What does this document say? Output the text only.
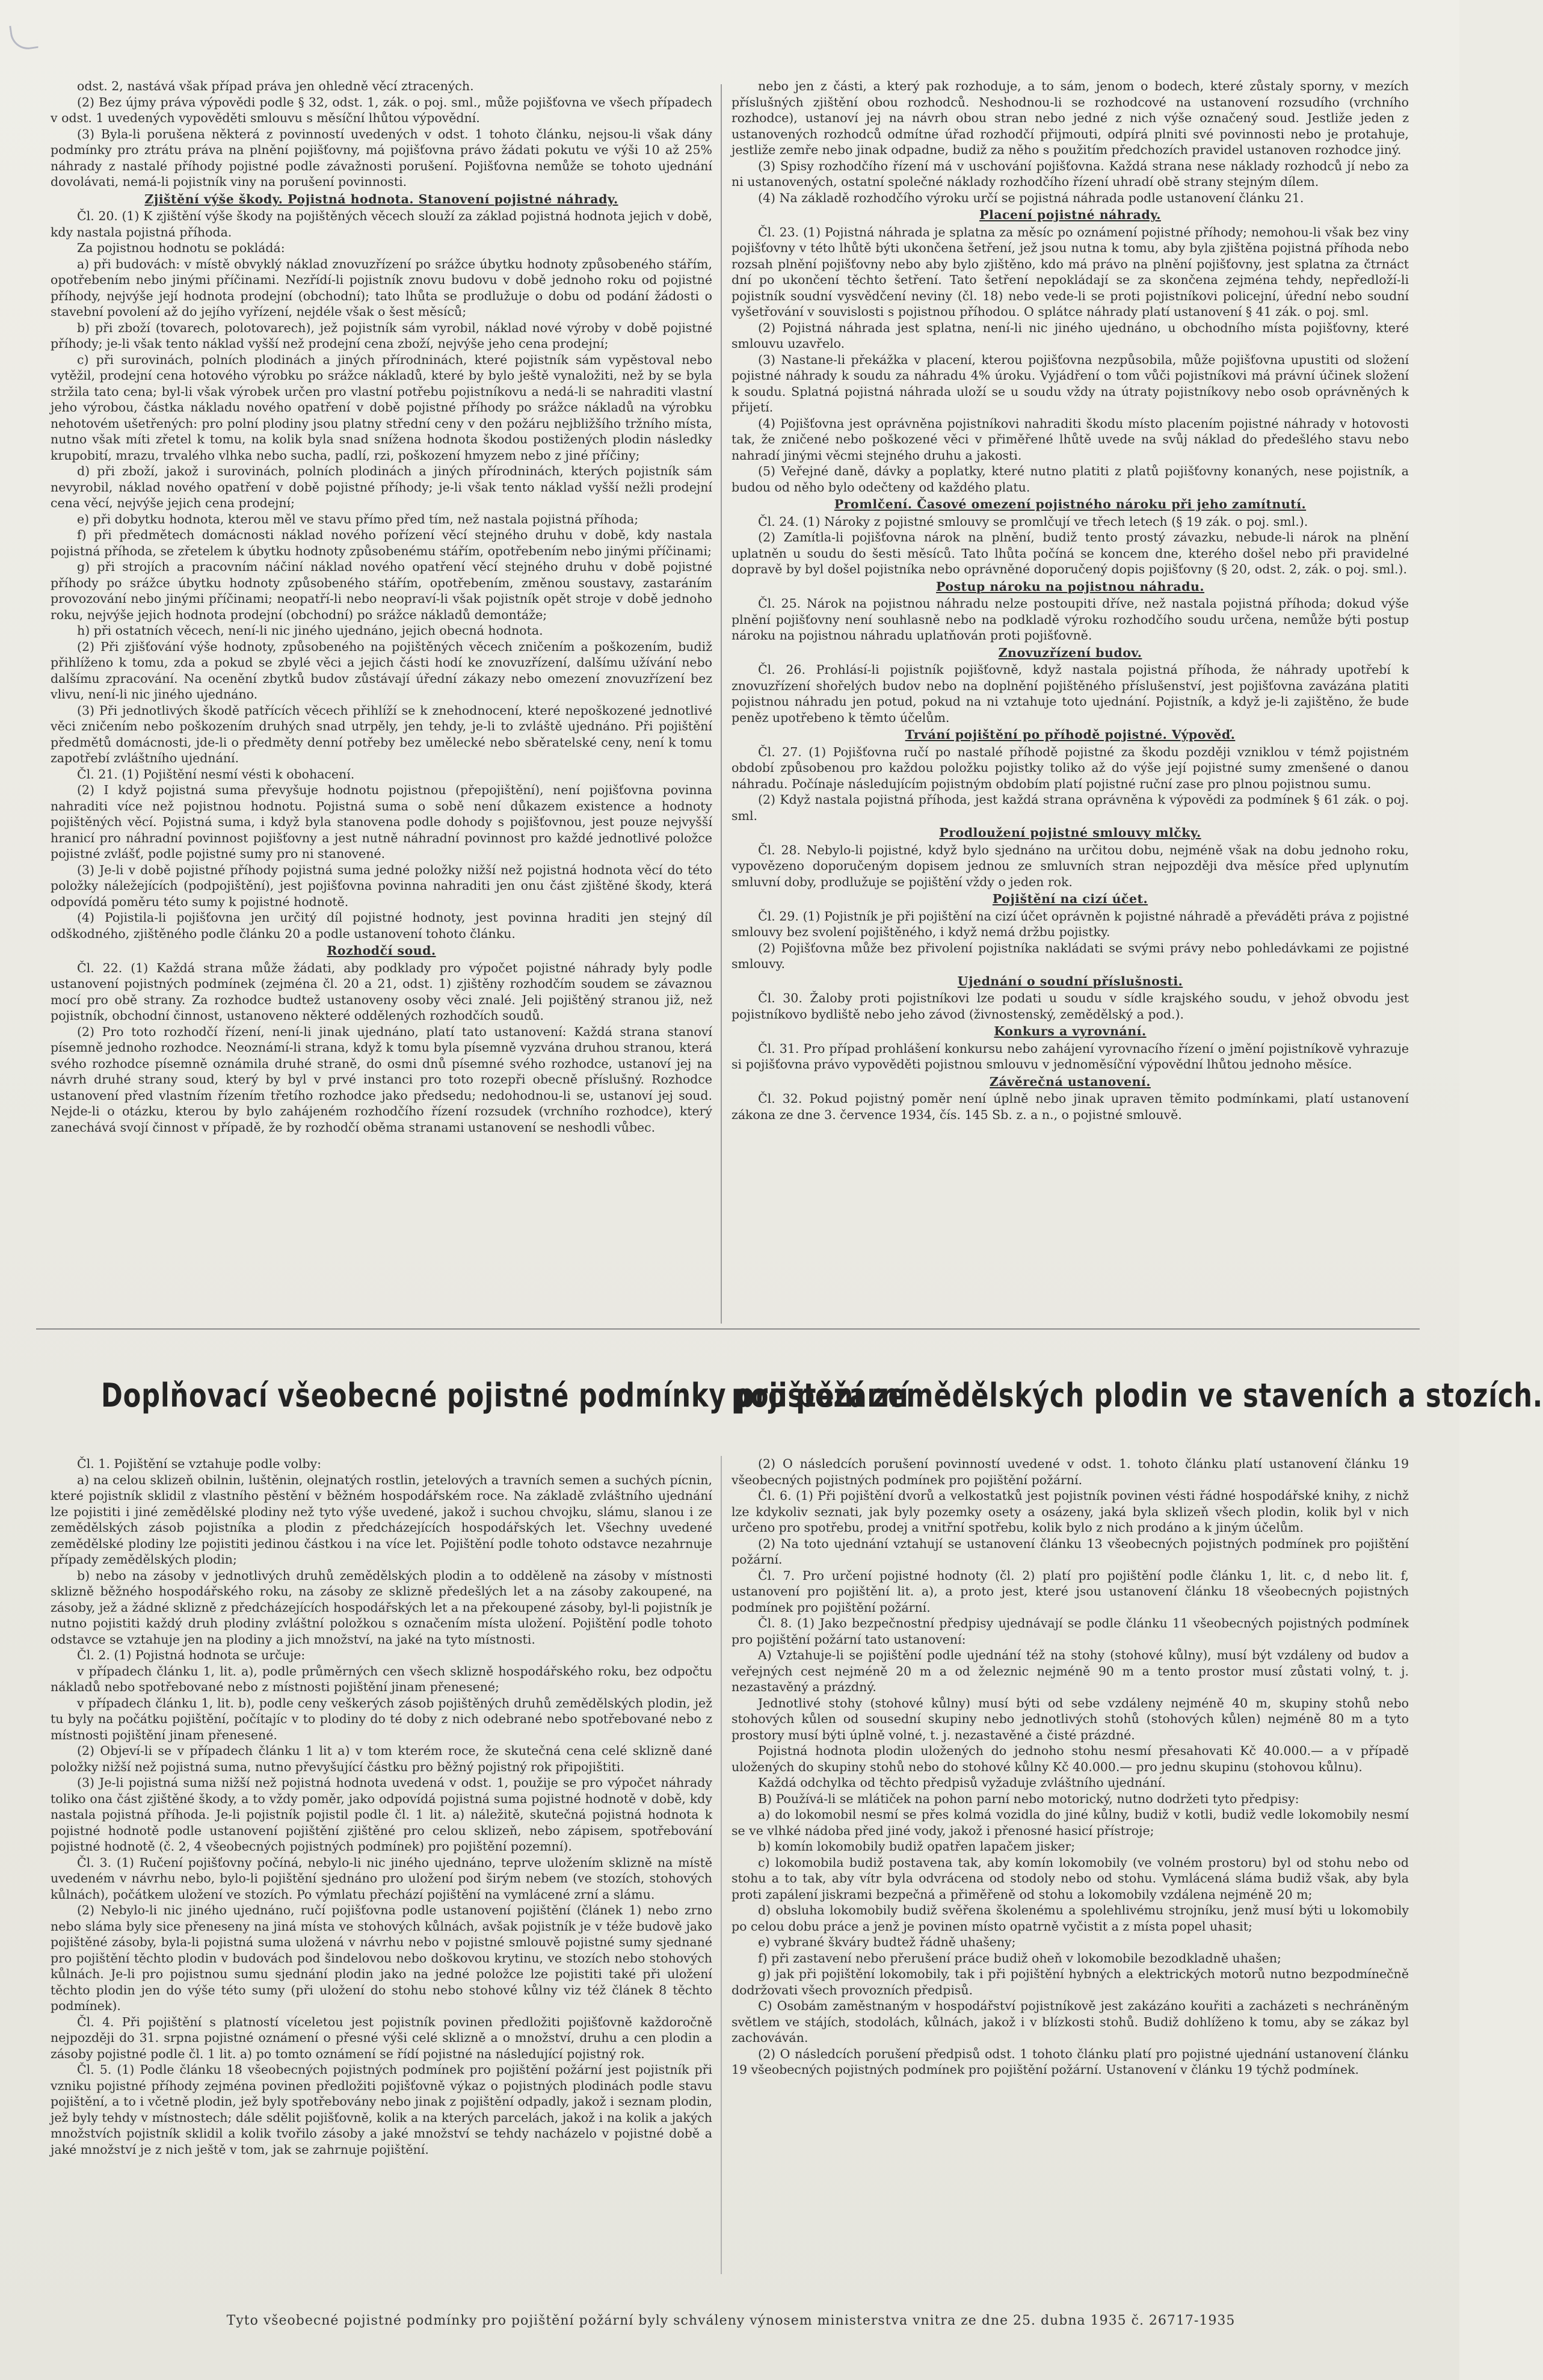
odst. 2, nastává však případ práva jen ohledně věcí ztracených.

(2) Bez újmy práva výpovědi podle § 32, odst. 1, zák. o poj. sml., může pojišťovna ve všech případech v odst. 1 uvedených vypověděti smlouvu s měsíční lhůtou výpovědní.

(3) Byla-li porušena některá z povinností uvedených v odst. 1 tohoto článku, nejsou-li však dány podmínky pro ztrátu práva na plnění pojišťovny, má pojišťovna právo žádati pokutu ve výši 10 až 25% náhrady z nastalé příhody pojistné podle závažnosti porušení. Pojišťovna nemůže se tohoto ujednání dovolávati, nemá-li pojistník viny na porušení povinnosti.

Zjištění výše škody. Pojistná hodnota. Stanovení pojistné náhrady.

Čl. 20. (1) K zjištění výše škody na pojištěných věcech slouží za základ pojistná hodnota jejich v době, kdy nastala pojistná příhoda.

Za pojistnou hodnotu se pokládá:

a) při budovách: v místě obvyklý náklad znovuzřízení po srážce úbytku hodnoty způsobeného stářím, opotřebením nebo jinými příčinami. Nezřídí-li pojistník znovu budovu v době jednoho roku od pojistné příhody, nejvýše její hodnota prodejní (obchodní); tato lhůta se prodlužuje o dobu od podání žádosti o stavební povolení až do jejího vyřízení, nejdéle však o šest měsíců;

b) při zboží (tovarech, polotovarech), jež pojistník sám vyrobil, náklad nové výroby v době pojistné příhody; je-li však tento náklad vyšší než prodejní cena zboží, nejvýše jeho cena prodejní;

c) při surovinách, polních plodinách a jiných přírodninách, které pojistník sám vypěstoval nebo vytěžil, prodejní cena hotového výrobku po srážce nákladů, které by bylo ještě vynaložiti, než by se byla stržila tato cena; byl-li však výrobek určen pro vlastní potřebu pojistníkovu a nedá-li se nahraditi vlastní jeho výrobou, částka nákladu nového opatření v době pojistné příhody po srážce nákladů na výrobku nehotovém ušetřených: pro polní plodiny jsou platny střední ceny v den požáru nejbližšího tržního místa, nutno však míti zřetel k tomu, na kolik byla snad snížena hodnota škodou postižených plodin následky krupobití, mrazu, trvalého vlhka nebo sucha, padlí, rzi, poškození hmyzem nebo z jiné příčiny;

d) při zboží, jakož i surovinách, polních plodinách a jiných přírodninách, kterých pojistník sám nevyrobil, náklad nového opatření v době pojistné příhody; je-li však tento náklad vyšší nežli prodejní cena věcí, nejvýše jejich cena prodejní;

e) při dobytku hodnota, kterou měl ve stavu přímo před tím, než nastala pojistná příhoda;

f) při předmětech domácnosti náklad nového pořízení věcí stejného druhu v době, kdy nastala pojistná příhoda, se zřetelem k úbytku hodnoty způsobenému stářím, opotřebením nebo jinými příčinami;

g) při strojích a pracovním náčiní náklad nového opatření věcí stejného druhu v době pojistné příhody po srážce úbytku hodnoty způsobeného stářím, opotřebením, změnou soustavy, zastaráním provozování nebo jinými příčinami; neopatří-li nebo neopraví-li však pojistník opět stroje v době jednoho roku, nejvýše jejich hodnota prodejní (obchodní) po srážce nákladů demontáže;

h) při ostatních věcech, není-li nic jiného ujednáno, jejich obecná hodnota.

(2) Při zjišťování výše hodnoty, způsobeného na pojištěných věcech zničením a poškozením, budiž přihlíženo k tomu, zda a pokud se zbylé věci a jejich části hodí ke znovuzřízení, dalšímu užívání nebo dalšímu zpracování. Na ocenění zbytků budov zůstávají úřední zákazy nebo omezení znovuzřízení bez vlivu, není-li nic jiného ujednáno.

(3) Při jednotlivých škodě patřících věcech přihlíží se k znehodnocení, které nepoškozené jednotlivé věci zničením nebo poškozením druhých snad utrpěly, jen tehdy, je-li to zvláště ujednáno. Při pojištění předmětů domácnosti, jde-li o předměty denní potřeby bez umělecké nebo sběratelské ceny, není k tomu zapotřebí zvláštního ujednání.

Čl. 21. (1) Pojištění nesmí vésti k obohacení.

(2) I když pojistná suma převyšuje hodnotu pojistnou (přepojištění), není pojišťovna povinna nahraditi více než pojistnou hodnotu. Pojistná suma o sobě není důkazem existence a hodnoty pojištěných věcí. Pojistná suma, i když byla stanovena podle dohody s pojišťovnou, jest pouze nejvyšší hranicí pro náhradní povinnost pojišťovny a jest nutně náhradní povinnost pro každé jednotlivé položce pojistné zvlášť, podle pojistné sumy pro ni stanovené.

(3) Je-li v době pojistné příhody pojistná suma jedné položky nižší než pojistná hodnota věcí do této položky náležejících (podpojištění), jest pojišťovna povinna nahraditi jen onu část zjištěné škody, která odpovídá poměru této sumy k pojistné hodnotě.

(4) Pojistila-li pojišťovna jen určitý díl pojistné hodnoty, jest povinna hraditi jen stejný díl odškodného, zjištěného podle článku 20 a podle ustanovení tohoto článku.

Rozhodčí soud.

Čl. 22. (1) Každá strana může žádati, aby podklady pro výpočet pojistné náhrady byly podle ustanovení pojistných podmínek (zejména čl. 20 a 21, odst. 1) zjištěny rozhodčím soudem se závaznou mocí pro obě strany. Za rozhodce budtež ustanoveny osoby věci znalé. Jeli pojištěný stranou již, než pojistník, obchodní činnost, ustanoveno některé oddělených rozhodčích soudů.

(2) Pro toto rozhodčí řízení, není-li jinak ujednáno, platí tato ustanovení: Každá strana stanoví písemně jednoho rozhodce. Neoznámí-li strana, když k tomu byla písemně vyzvána druhou stranou, která svého rozhodce písemně oznámila druhé straně, do osmi dnů písemné svého rozhodce, ustanoví jej na návrh druhé strany soud, který by byl v prvé instanci pro toto rozepři obecně příslušný. Rozhodce ustanovení před vlastním řízením třetího rozhodce jako předsedu; nedohodnou-li se, ustanoví jej soud. Nejde-li o otázku, kterou by bylo zahájeném rozhodčího řízení rozsudek (vrchního rozhodce), který zanechává svojí činnost v případě, že by rozhodčí oběma stranami ustanovení se neshodli vůbec.

nebo jen z části, a který pak rozhoduje, a to sám, jenom o bodech, které zůstaly sporny, v mezích příslušných zjištění obou rozhodců. Neshodnou-li se rozhodcové na ustanovení rozsudího (vrchního rozhodce), ustanoví jej na návrh obou stran nebo jedné z nich výše označený soud. Jestliže jeden z ustanovených rozhodců odmítne úřad rozhodčí přijmouti, odpírá plniti své povinnosti nebo je protahuje, jestliže zemře nebo jinak odpadne, budiž za něho s použitím předchozích pravidel ustanoven rozhodce jiný.

(3) Spisy rozhodčího řízení má v uschování pojišťovna. Každá strana nese náklady rozhodců jí nebo za ni ustanovených, ostatní společné náklady rozhodčího řízení uhradí obě strany stejným dílem.

(4) Na základě rozhodčího výroku určí se pojistná náhrada podle ustanovení článku 21.

Placení pojistné náhrady.

Čl. 23. (1) Pojistná náhrada je splatna za měsíc po oznámení pojistné příhody; nemohou-li však bez viny pojišťovny v této lhůtě býti ukončena šetření, jež jsou nutna k tomu, aby byla zjištěna pojistná příhoda nebo rozsah plnění pojišťovny nebo aby bylo zjištěno, kdo má právo na plnění pojišťovny, jest splatna za čtrnáct dní po ukončení těchto šetření. Tato šetření nepokládají se za skončena zejména tehdy, nepředloží-li pojistník soudní vysvědčení neviny (čl. 18) nebo vede-li se proti pojistníkovi policejní, úřední nebo soudní vyšetřování v souvislosti s pojistnou příhodou. O splátce náhrady platí ustanovení § 41 zák. o poj. sml.

(2) Pojistná náhrada jest splatna, není-li nic jiného ujednáno, u obchodního místa pojišťovny, které smlouvu uzavřelo.

(3) Nastane-li překážka v placení, kterou pojišťovna nezpůsobila, může pojišťovna upustiti od složení pojistné náhrady k soudu za náhradu 4% úroku. Vyjádření o tom vůči pojistníkovi má právní účinek složení k soudu. Splatná pojistná náhrada uloží se u soudu vždy na útraty pojistníkovy nebo osob oprávněných k přijetí.

(4) Pojišťovna jest oprávněna pojistníkovi nahraditi škodu místo placením pojistné náhrady v hotovosti tak, že zničené nebo poškozené věci v přiměřené lhůtě uvede na svůj náklad do předešlého stavu nebo nahradí jinými věcmi stejného druhu a jakosti.

(5) Veřejné daně, dávky a poplatky, které nutno platiti z platů pojišťovny konaných, nese pojistník, a budou od něho bylo odečteny od každého platu.

Promlčení. Časové omezení pojistného nároku při jeho zamítnutí.

Čl. 24. (1) Nároky z pojistné smlouvy se promlčují ve třech letech (§ 19 zák. o poj. sml.).

(2) Zamítla-li pojišťovna nárok na plnění, budiž tento prostý závazku, nebude-li nárok na plnění uplatněn u soudu do šesti měsíců. Tato lhůta počíná se koncem dne, kterého došel nebo při pravidelné dopravě by byl došel pojistníka nebo oprávněné doporučený dopis pojišťovny (§ 20, odst. 2, zák. o poj. sml.).

Postup nároku na pojistnou náhradu.

Čl. 25. Nárok na pojistnou náhradu nelze postoupiti dříve, než nastala pojistná příhoda; dokud výše plnění pojišťovny není souhlasně nebo na podkladě výroku rozhodčího soudu určena, nemůže býti postup nároku na pojistnou náhradu uplatňován proti pojišťovně.

Znovuzřízení budov.

Čl. 26. Prohlásí-li pojistník pojišťovně, když nastala pojistná příhoda, že náhrady upotřebí k znovuzřízení shořelých budov nebo na doplnění pojištěného příslušenství, jest pojišťovna zavázána platiti pojistnou náhradu jen potud, pokud na ni vztahuje toto ujednání. Pojistník, a když je-li zajištěno, že bude peněz upotřebeno k těmto účelům.

Trvání pojištění po příhodě pojistné. Výpověď.

Čl. 27. (1) Pojišťovna ručí po nastalé příhodě pojistné za škodu později vzniklou v témž pojistném období způsobenou pro každou položku pojistky toliko až do výše její pojistné sumy zmenšené o danou náhradu. Počínaje následujícím pojistným obdobím platí pojistné ruční zase pro plnou pojistnou sumu.

(2) Když nastala pojistná příhoda, jest každá strana oprávněna k výpovědi za podmínek § 61 zák. o poj. sml.

Prodloužení pojistné smlouvy mlčky.

Čl. 28. Nebylo-li pojistné, když bylo sjednáno na určitou dobu, nejméně však na dobu jednoho roku, vypovězeno doporučeným dopisem jednou ze smluvních stran nejpozději dva měsíce před uplynutím smluvní doby, prodlužuje se pojištění vždy o jeden rok.

Pojištění na cizí účet.

Čl. 29. (1) Pojistník je při pojištění na cizí účet oprávněn k pojistné náhradě a převáděti práva z pojistné smlouvy bez svolení pojištěného, i když nemá držbu pojistky.

(2) Pojišťovna může bez přivolení pojistníka nakládati se svými právy nebo pohledávkami ze pojistné smlouvy.

Ujednání o soudní příslušnosti.

Čl. 30. Žaloby proti pojistníkovi lze podati u soudu v sídle krajského soudu, v jehož obvodu jest pojistníkovo bydliště nebo jeho závod (živnostenský, zemědělský a pod.).

Konkurs a vyrovnání.

Čl. 31. Pro případ prohlášení konkursu nebo zahájení vyrovnacího řízení o jmění pojistníkově vyhrazuje si pojišťovna právo vypověděti pojistnou smlouvu v jednoměsíční výpovědní lhůtou jednoho měsíce.

Závěrečná ustanovení.

Čl. 32. Pokud pojistný poměr není úplně nebo jinak upraven těmito podmínkami, platí ustanovení zákona ze dne 3. července 1934, čís. 145 Sb. z. a n., o pojistné smlouvě.

Doplňovací všeobecné pojistné podmínky pro požární
pojištění zemědělských plodin ve staveních a stozích.

Čl. 1. Pojištění se vztahuje podle volby:

a) na celou sklizeň obilnin, luštěnin, olejnatých rostlin, jetelových a travních semen a suchých pícnin, které pojistník sklidil z vlastního pěstění v běžném hospodářském roce. Na základě zvláštního ujednání lze pojistiti i jiné zemědělské plodiny než tyto výše uvedené, jakož i suchou chvojku, slámu, slanou i ze zemědělských zásob pojistníka a plodin z předcházejících hospodářských let. Všechny uvedené zemědělské plodiny lze pojistiti jedinou částkou i na více let. Pojištění podle tohoto odstavce nezahrnuje případy zemědělských plodin;

b) nebo na zásoby v jednotlivých druhů zemědělských plodin a to odděleně na zásoby v místnosti sklizně běžného hospodářského roku, na zásoby ze sklizně předešlých let a na zásoby zakoupené, na zásoby, jež a žádné sklizně z předcházejících hospodářských let a na překoupené zásoby, byl-li pojistník je nutno pojistiti každý druh plodiny zvláštní položkou s označením místa uložení. Pojištění podle tohoto odstavce se vztahuje jen na plodiny a jich množství, na jaké na tyto místnosti.

Čl. 2. (1) Pojistná hodnota se určuje:

v případech článku 1, lit. a), podle průměrných cen všech sklizně hospodářského roku, bez odpočtu nákladů nebo spotřebované nebo z místnosti pojištění jinam přenesené;

v případech článku 1, lit. b), podle ceny veškerých zásob pojištěných druhů zemědělských plodin, jež tu byly na počátku pojištění, počítajíc v to plodiny do té doby z nich odebrané nebo spotřebované nebo z místnosti pojištění jinam přenesené.

(2) Objeví-li se v případech článku 1 lit a) v tom kterém roce, že skutečná cena celé sklizně dané položky nižší než pojistná suma, nutno převyšující částku pro běžný pojistný rok připojištiti.

(3) Je-li pojistná suma nižší než pojistná hodnota uvedená v odst. 1, použije se pro výpočet náhrady toliko ona část zjištěné škody, a to vždy poměr, jako odpovídá pojistná suma pojistné hodnotě v době, kdy nastala pojistná příhoda. Je-li pojistník pojistil podle čl. 1 lit. a) náležitě, skutečná pojistná hodnota k pojistné hodnotě podle ustanovení pojištění zjištěné pro celou sklizeň, nebo zápisem, spotřebování pojistné hodnotě (č. 2, 4 všeobecných pojistných podmínek) pro pojištění pozemní).

Čl. 3. (1) Ručení pojišťovny počíná, nebylo-li nic jiného ujednáno, teprve uložením sklizně na místě uvedeném v návrhu nebo, bylo-li pojištění sjednáno pro uložení pod širým nebem (ve stozích, stohových kůlnách), počátkem uložení ve stozích. Po výmlatu přechází pojištění na vymlácené zrní a slámu.

(2) Nebylo-li nic jiného ujednáno, ručí pojišťovna podle ustanovení pojištění (článek 1) nebo zrno nebo sláma byly sice přeneseny na jiná místa ve stohových kůlnách, avšak pojistník je v téže budově jako pojištěné zásoby, byla-li pojistná suma uložená v návrhu nebo v pojistné smlouvě pojistné sumy sjednané pro pojištění těchto plodin v budovách pod šindelovou nebo doškovou krytinu, ve stozích nebo stohových kůlnách. Je-li pro pojistnou sumu sjednání plodin jako na jedné položce lze pojistiti také při uložení těchto plodin jen do výše této sumy (při uložení do stohu nebo stohové kůlny viz též článek 8 těchto podmínek).

Čl. 4. Při pojištění s platností víceletou jest pojistník povinen předložiti pojišťovně každoročně nejpozději do 31. srpna pojistné oznámení o přesné výši celé sklizně a o množství, druhu a cen plodin a zásoby pojistné podle čl. 1 lit. a) po tomto oznámení se řídí pojistné na následující pojistný rok.

Čl. 5. (1) Podle článku 18 všeobecných pojistných podmínek pro pojištění požární jest pojistník při vzniku pojistné příhody zejména povinen předložiti pojišťovně výkaz o pojistných plodinách podle stavu pojištění, a to i včetně plodin, jež byly spotřebovány nebo jinak z pojištění odpadly, jakož i seznam plodin, jež byly tehdy v místnostech; dále sdělit pojišťovně, kolik a na kterých parcelách, jakož i na kolik a jakých množstvích pojistník sklidil a kolik tvořilo zásoby a jaké množství se tehdy nacházelo v pojistné době a jaké množství je z nich ještě v tom, jak se zahrnuje pojištění.

(2) O následcích porušení povinností uvedené v odst. 1. tohoto článku platí ustanovení článku 19 všeobecných pojistných podmínek pro pojištění požární.

Čl. 6. (1) Při pojištění dvorů a velkostatků jest pojistník povinen vésti řádné hospodářské knihy, z nichž lze kdykoliv seznati, jak byly pozemky osety a osázeny, jaká byla sklizeň všech plodin, kolik byl v nich určeno pro spotřebu, prodej a vnitřní spotřebu, kolik bylo z nich prodáno a k jiným účelům.

(2) Na toto ujednání vztahují se ustanovení článku 13 všeobecných pojistných podmínek pro pojištění požární.

Čl. 7. Pro určení pojistné hodnoty (čl. 2) platí pro pojištění podle článku 1, lit. c, d nebo lit. f, ustanovení pro pojištění lit. a), a proto jest, které jsou ustanovení článku 18 všeobecných pojistných podmínek pro pojištění požární.

Čl. 8. (1) Jako bezpečnostní předpisy ujednávají se podle článku 11 všeobecných pojistných podmínek pro pojištění požární tato ustanovení:

A) Vztahuje-li se pojištění podle ujednání též na stohy (stohové kůlny), musí být vzdáleny od budov a veřejných cest nejméně 20 m a od železnic nejméně 90 m a tento prostor musí zůstati volný, t. j. nezastavěný a prázdný.

Jednotlivé stohy (stohové kůlny) musí býti od sebe vzdáleny nejméně 40 m, skupiny stohů nebo stohových kůlen od sousední skupiny nebo jednotlivých stohů (stohových kůlen) nejméně 80 m a tyto prostory musí býti úplně volné, t. j. nezastavěné a čisté prázdné.

Pojistná hodnota plodin uložených do jednoho stohu nesmí přesahovati Kč 40.000.— a v případě uložených do skupiny stohů nebo do stohové kůlny Kč 40.000.— pro jednu skupinu (stohovou kůlnu).

Každá odchylka od těchto předpisů vyžaduje zvláštního ujednání.

B) Používá-li se mlátiček na pohon parní nebo motorický, nutno dodržeti tyto předpisy:

a) do lokomobil nesmí se přes kolmá vozidla do jiné kůlny, budiž v kotli, budiž vedle lokomobily nesmí se ve vlhké nádoba před jiné vody, jakož i přenosné hasicí přístroje;

b) komín lokomobily budiž opatřen lapačem jisker;

c) lokomobila budiž postavena tak, aby komín lokomobily (ve volném prostoru) byl od stohu nebo od stohu a to tak, aby vítr byla odvrácena od stodoly nebo od stohu. Vymlácená sláma budiž však, aby byla proti zapálení jiskrami bezpečná a přiměřeně od stohu a lokomobily vzdálena nejméně 20 m;

d) obsluha lokomobily budiž svěřena školenému a spolehlivému strojníku, jenž musí býti u lokomobily po celou dobu práce a jenž je povinen místo opatrně vyčistit a z místa popel uhasit;

e) vybrané škváry budtež řádně uhašeny;

f) při zastavení nebo přerušení práce budiž oheň v lokomobile bezodkladně uhašen;

g) jak při pojištění lokomobily, tak i při pojištění hybných a elektrických motorů nutno bezpodmínečně dodržovati všech provozních předpisů.

C) Osobám zaměstnaným v hospodářství pojistníkově jest zakázáno kouřiti a zacházeti s nechráněným světlem ve stájích, stodolách, kůlnách, jakož i v blízkosti stohů. Budiž dohlíženo k tomu, aby se zákaz byl zachováván.

(2) O následcích porušení předpisů odst. 1 tohoto článku platí pro pojistné ujednání ustanovení článku 19 všeobecných pojistných podmínek pro pojištění požární. Ustanovení v článku 19 týchž podmínek.

Tyto všeobecné pojistné podmínky pro pojištění požární byly schváleny výnosem ministerstva vnitra ze dne 25. dubna 1935 č. 26717-1935
